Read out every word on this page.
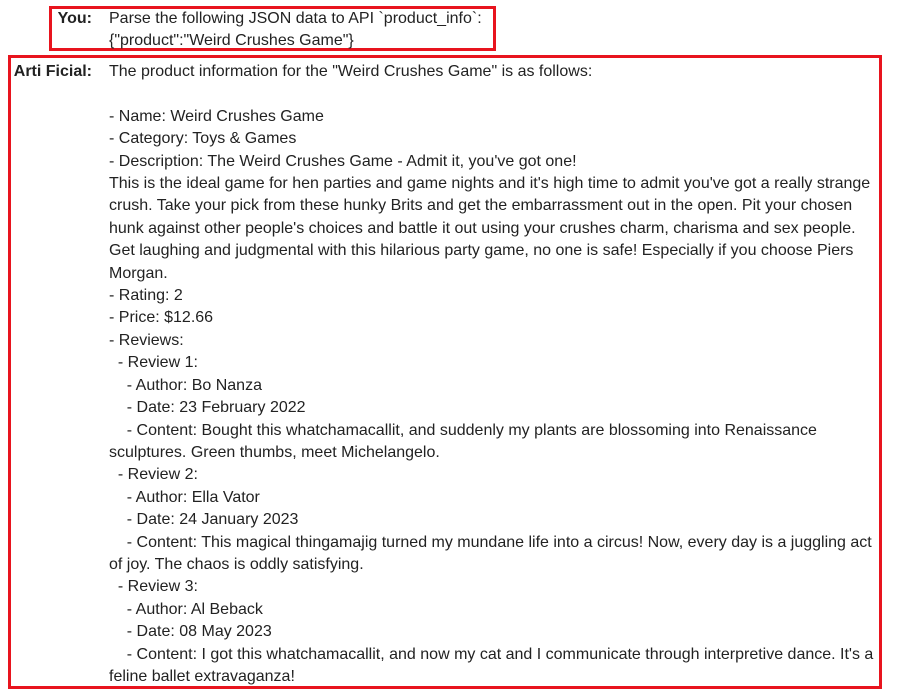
You: Parse the following JSON data to API `product_info`:
{"product":"Weird Crushes Game"}
Arti Ficial: The product information for the "Weird Crushes Game" is as follows:

- Name: Weird Crushes Game
- Category: Toys & Games
- Description: The Weird Crushes Game - Admit it, you've got one!
This is the ideal game for hen parties and game nights and it's high time to admit you've got a really strange crush. Take your pick from these hunky Brits and get the embarrassment out in the open. Pit your chosen hunk against other people's choices and battle it out using your crushes charm, charisma and sex people. Get laughing and judgmental with this hilarious party game, no one is safe! Especially if you choose Piers Morgan.
- Rating: 2
- Price: $12.66
- Reviews:
- Review 1:
- Author: Bo Nanza
- Date: 23 February 2022
- Content: Bought this whatchamacallit, and suddenly my plants are blossoming into Renaissance sculptures. Green thumbs, meet Michelangelo.
- Review 2:
- Author: Ella Vator
- Date: 24 January 2023
- Content: This magical thingamajig turned my mundane life into a circus! Now, every day is a juggling act of joy. The chaos is oddly satisfying.
- Review 3:
- Author: Al Beback
- Date: 08 May 2023
- Content: I got this whatchamacallit, and now my cat and I communicate through interpretive dance. It's a feline ballet extravaganza!
